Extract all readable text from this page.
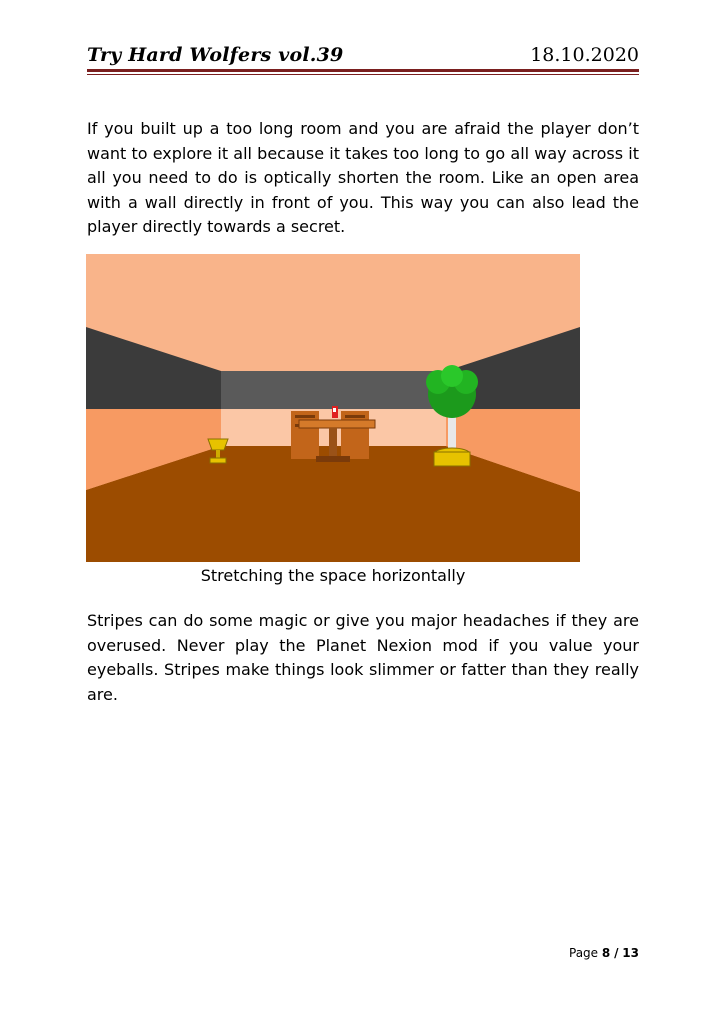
Try Hard Wolfers vol.39	18.10.2020

If you built up a too long room and you are afraid the player don’t want to explore it all because it takes too long to go all way across it all you need to do is optically shorten the room. Like an open area with a wall directly in front of you. This way you can also lead the player directly towards a secret.

Stretching the space horizontally

Stripes can do some magic or give you major headaches if they are overused. Never play the Planet Nexion mod if you value your eyeballs. Stripes make things look slimmer or fatter than they really are.

Page 8 / 13
